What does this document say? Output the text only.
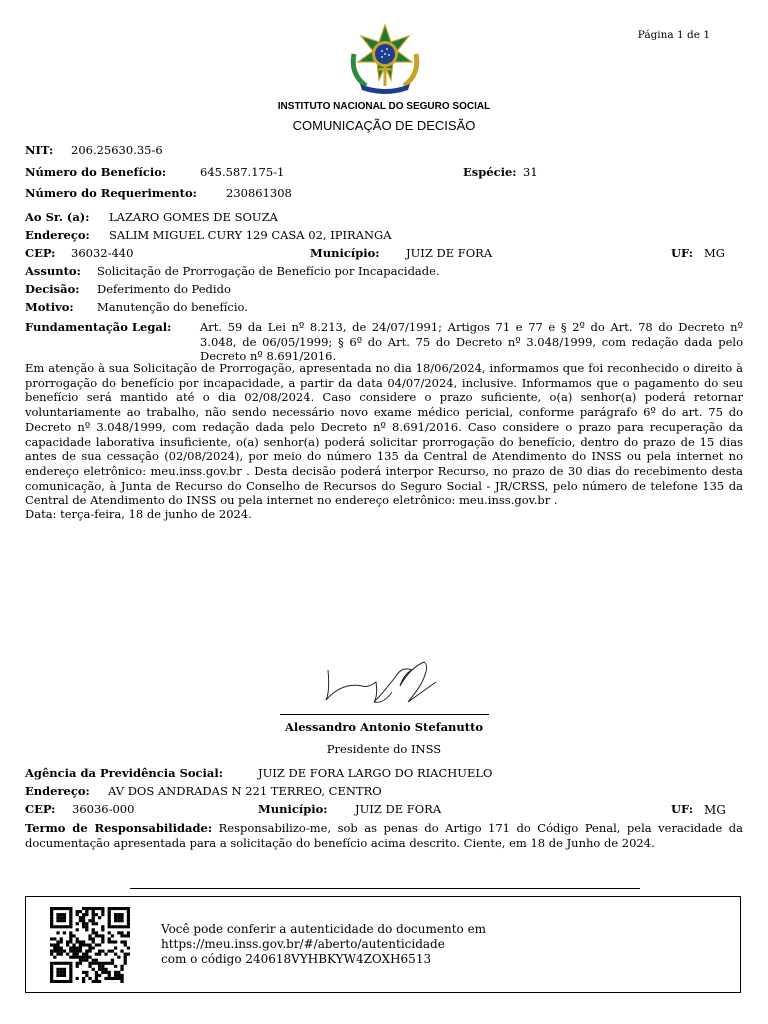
Página 1 de 1
INSTITUTO NACIONAL DO SEGURO SOCIAL
COMUNICAÇÃO DE DECISÃO
NIT: 206.25630.35-6
Número do Benefício:	645.587.175-1	Espécie: 31
Número do Requerimento:	230861308
Ao Sr. (a): LAZARO GOMES DE SOUZA
Endereço: SALIM MIGUEL CURY 129 CASA 02, IPIRANGA
CEP: 36032-440	Município: JUIZ DE FORA	UF: MG
Assunto: Solicitação de Prorrogação de Benefício por Incapacidade.
Decisão: Deferimento do Pedido
Motivo: Manutenção do benefício.
Fundamentação Legal: Art. 59 da Lei nº 8.213, de 24/07/1991; Artigos 71 e 77 e § 2º do Art. 78 do Decreto nº 3.048, de 06/05/1999; § 6º do Art. 75 do Decreto nº 3.048/1999, com redação dada pelo Decreto nº 8.691/2016.
Em atenção à sua Solicitação de Prorrogação, apresentada no dia 18/06/2024, informamos que foi reconhecido o direito à prorrogação do benefício por incapacidade, a partir da data 04/07/2024, inclusive. Informamos que o pagamento do seu benefício será mantido até o dia 02/08/2024. Caso considere o prazo suficiente, o(a) senhor(a) poderá retornar voluntariamente ao trabalho, não sendo necessário novo exame médico pericial, conforme parágrafo 6º do art. 75 do Decreto nº 3.048/1999, com redação dada pelo Decreto nº 8.691/2016. Caso considere o prazo para recuperação da capacidade laborativa insuficiente, o(a) senhor(a) poderá solicitar prorrogação do benefício, dentro do prazo de 15 dias antes de sua cessação (02/08/2024), por meio do número 135 da Central de Atendimento do INSS ou pela internet no endereço eletrônico: meu.inss.gov.br . Desta decisão poderá interpor Recurso, no prazo de 30 dias do recebimento desta comunicação, à Junta de Recurso do Conselho de Recursos do Seguro Social - JR/CRSS, pelo número de telefone 135 da Central de Atendimento do INSS ou pela internet no endereço eletrônico: meu.inss.gov.br .
Data: terça-feira, 18 de junho de 2024.
Alessandro Antonio Stefanutto
Presidente do INSS
Agência da Previdência Social:	JUIZ DE FORA LARGO DO RIACHUELO
Endereço: AV DOS ANDRADAS N 221 TERREO, CENTRO
CEP: 36036-000	Município: JUIZ DE FORA	UF: MG
Termo de Responsabilidade: Responsabilizo-me, sob as penas do Artigo 171 do Código Penal, pela veracidade da documentação apresentada para a solicitação do benefício acima descrito. Ciente, em 18 de Junho de 2024.
Você pode conferir a autenticidade do documento em
https://meu.inss.gov.br/#/aberto/autenticidade
com o código 240618VYHBKYW4ZOXH6513
